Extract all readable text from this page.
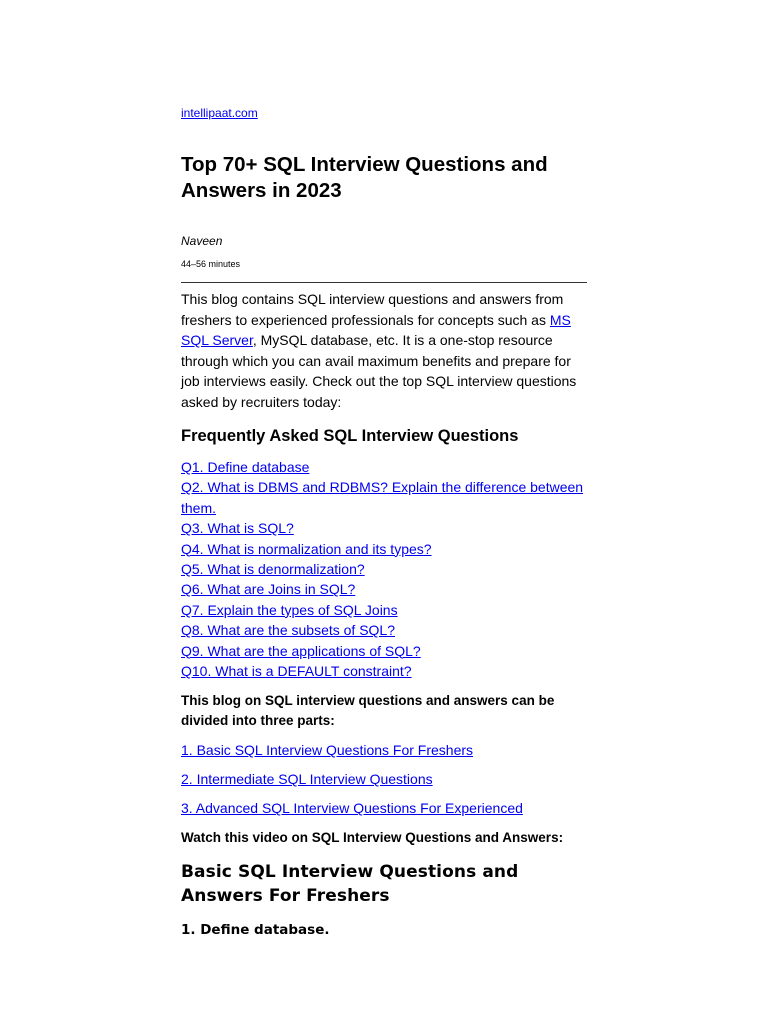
intellipaat.com
Top 70+ SQL Interview Questions and Answers in 2023

Naveen

44–56 minutes

This blog contains SQL interview questions and answers from freshers to experienced professionals for concepts such as MS SQL Server, MySQL database, etc. It is a one-stop resource through which you can avail maximum benefits and prepare for job interviews easily. Check out the top SQL interview questions asked by recruiters today:

Frequently Asked SQL Interview Questions
Q1. Define database
Q2. What is DBMS and RDBMS? Explain the difference between them.
Q3. What is SQL?
Q4. What is normalization and its types?
Q5. What is denormalization?
Q6. What are Joins in SQL?
Q7. Explain the types of SQL Joins
Q8. What are the subsets of SQL?
Q9. What are the applications of SQL?
Q10. What is a DEFAULT constraint?

This blog on SQL interview questions and answers can be divided into three parts:

1. Basic SQL Interview Questions For Freshers

2. Intermediate SQL Interview Questions

3. Advanced SQL Interview Questions For Experienced

Watch this video on SQL Interview Questions and Answers:

Basic SQL Interview Questions and Answers For Freshers
1. Define database.
